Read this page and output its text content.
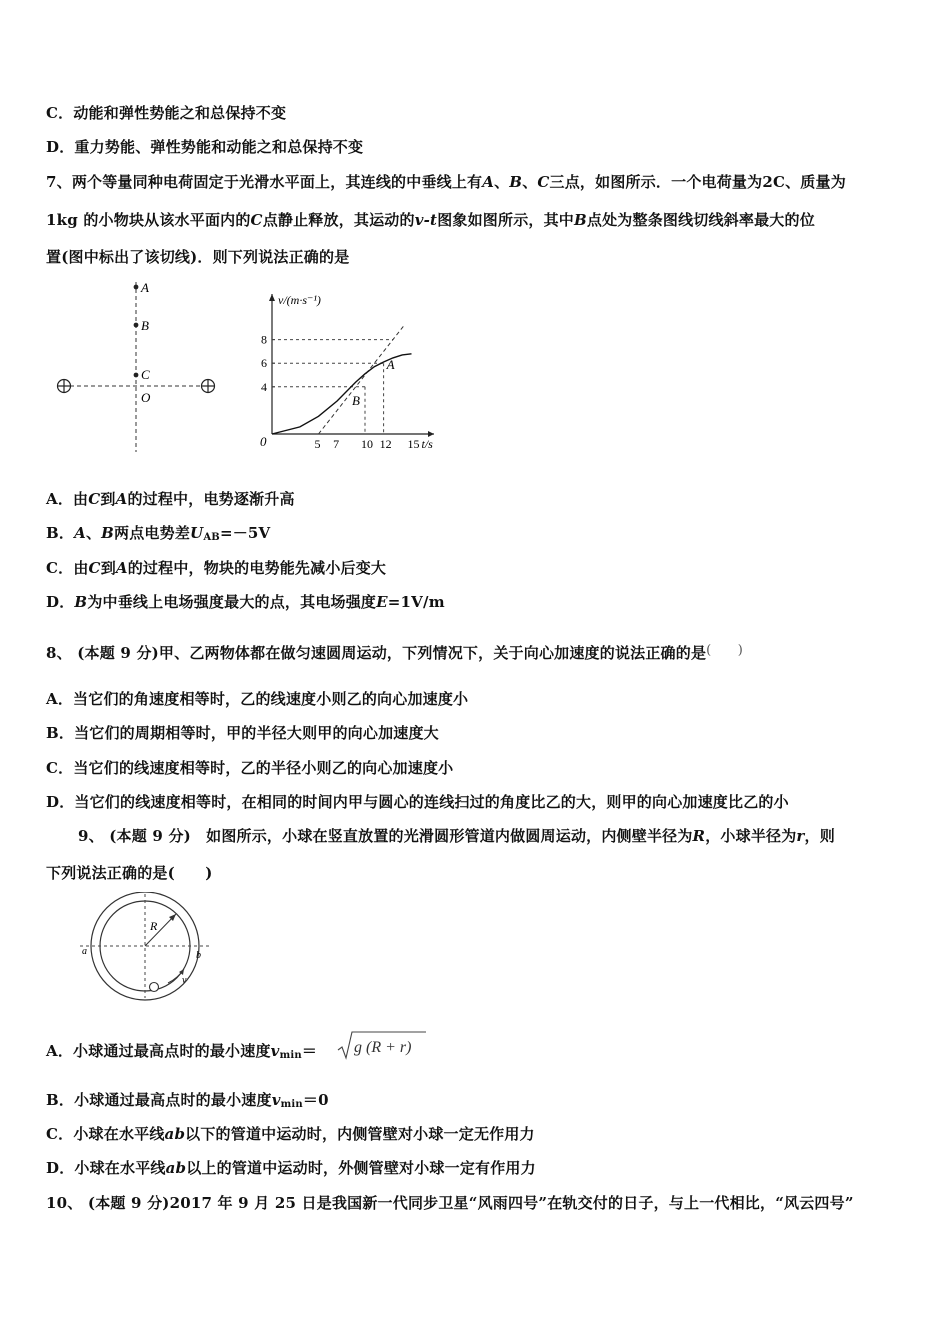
C．动能和弹性势能之和总保持不变
D．重力势能、弹性势能和动能之和总保持不变
7、两个等量同种电荷固定于光滑水平面上，其连线的中垂线上有A、B、C三点，如图所示．一个电荷量为2C、质量为
1kg 的小物块从该水平面内的C点静止释放，其运动的v-t图象如图所示，其中B点处为整条图线切线斜率最大的位
置(图中标出了该切线)．则下列说法正确的是
A
B
C
O
v/(m·s⁻¹)
0	5 7 10 12 15
4
6
8
A
B
t/s
A．由C到A的过程中，电势逐渐升高
B．A、B两点电势差$U_{AB}=-5V$
C．由C到A的过程中，物块的电势能先减小后变大
D．B为中垂线上电场强度最大的点，其电场强度E=1V/m
8、 (本题 9 分)甲、乙两物体都在做匀速圆周运动，下列情况下，关于向心加速度的说法正确的是(　　)
A．当它们的角速度相等时，乙的线速度小则乙的向心加速度小
B．当它们的周期相等时，甲的半径大则甲的向心加速度大
C．当它们的线速度相等时，乙的半径小则乙的向心加速度小
D．当它们的线速度相等时，在相同的时间内甲与圆心的连线扫过的角度比乙的大，则甲的向心加速度比乙的小
9、 (本题 9 分)　如图所示，小球在竖直放置的光滑圆形管道内做圆周运动，内侧壁半径为R，小球半径为r，则
下列说法正确的是(　　)
R
a	b
v
A．小球通过最高点时的最小速度$v_{min}= g$ (R + r)
B．小球通过最高点时的最小速度$v_{min}=0$
C．小球在水平线ab以下的管道中运动时，内侧管壁对小球一定无作用力
D．小球在水平线ab以上的管道中运动时，外侧管壁对小球一定有作用力
10、 (本题 9 分)2017 年 9 月 25 日是我国新一代同步卫星“风雨四号”在轨交付的日子，与上一代相比，“风云四号”
